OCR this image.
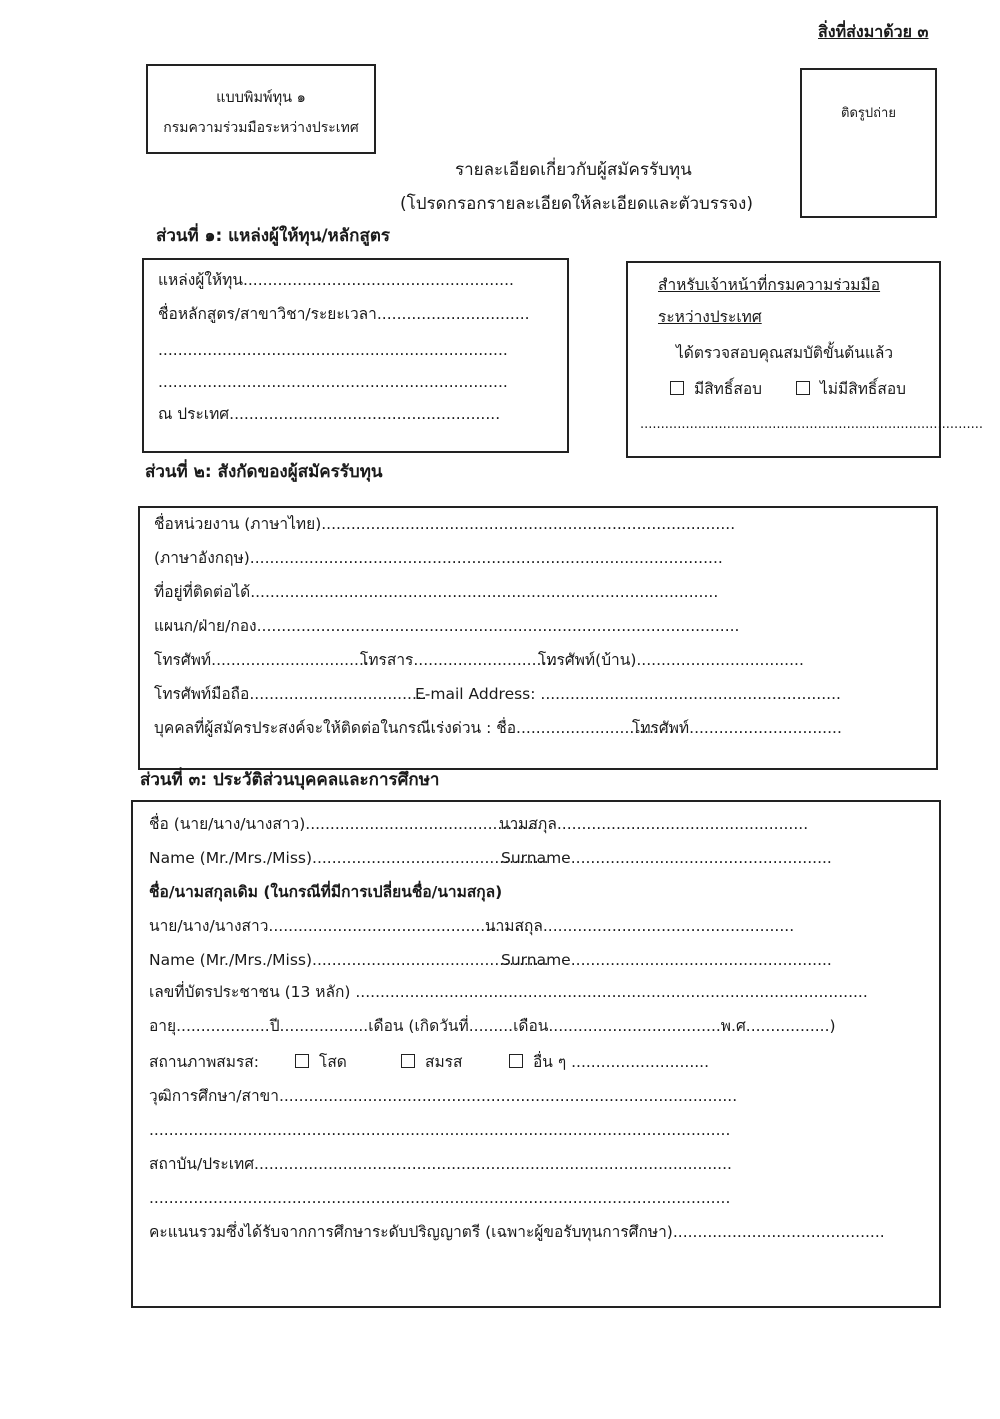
สิ่งที่ส่งมาด้วย ๓
แบบพิมพ์ทุน ๑
กรมความร่วมมือระหว่างประเทศ
ติดรูปถ่าย
รายละเอียดเกี่ยวกับผู้สมัครรับทุน
(โปรดกรอกรายละเอียดให้ละเอียดและตัวบรรจง)
ส่วนที่ ๑: แหล่งผู้ให้ทุน/หลักสูตร
แหล่งผู้ให้ทุน.......................................................
ชื่อหลักสูตร/สาขาวิชา/ระยะเวลา...............................
.......................................................................
.......................................................................
ณ ประเทศ.......................................................
สำหรับเจ้าหน้าที่กรมความร่วมมือ
ระหว่างประเทศ
ได้ตรวจสอบคุณสมบัติขั้นต้นแล้ว
มีสิทธิ์สอบ	ไม่มีสิทธิ์สอบ
...................................................................................
ส่วนที่ ๒: สังกัดของผู้สมัครรับทุน
ชื่อหน่วยงาน (ภาษาไทย)....................................................................................
(ภาษาอังกฤษ)................................................................................................
ที่อยู่ที่ติดต่อได้...............................................................................................
แผนก/ฝ่าย/กอง..................................................................................................
โทรศัพท์.................................
โทรสาร.............................
โทรศัพท์(บ้าน)..................................
โทรศัพท์มือถือ....................................
E-mail Address: .............................................................
บุคคลที่ผู้สมัครประสงค์จะให้ติดต่อในกรณีเร่งด่วน : ชื่อ................................
โทรศัพท์...............................
ส่วนที่ ๓: ประวัติส่วนบุคคลและการศึกษา
ชื่อ (นาย/นาง/นางสาว)................................................
นามสกุล...................................................
Name (Mr./Mrs./Miss)................................................
Surname.....................................................
ชื่อ/นามสกุลเดิม (ในกรณีที่มีการเปลี่ยนชื่อ/นามสกุล)
นาย/นาง/นางสาว.....................................................
นามสกุล...................................................
Name (Mr./Mrs./Miss)................................................
Surname.....................................................
เลขที่บัตรประชาชน (13 หลัก) ........................................................................................................
อายุ...................ปี..................เดือน (เกิดวันที่.........เดือน...................................พ.ศ.................)
สถานภาพสมรส:	โสด	สมรส	อื่น ๆ ............................
วุฒิการศึกษา/สาขา.............................................................................................
......................................................................................................................
สถาบัน/ประเทศ.................................................................................................
......................................................................................................................
คะแนนรวมซึ่งได้รับจากการศึกษาระดับปริญญาตรี (เฉพาะผู้ขอรับทุนการศึกษา)...........................................
